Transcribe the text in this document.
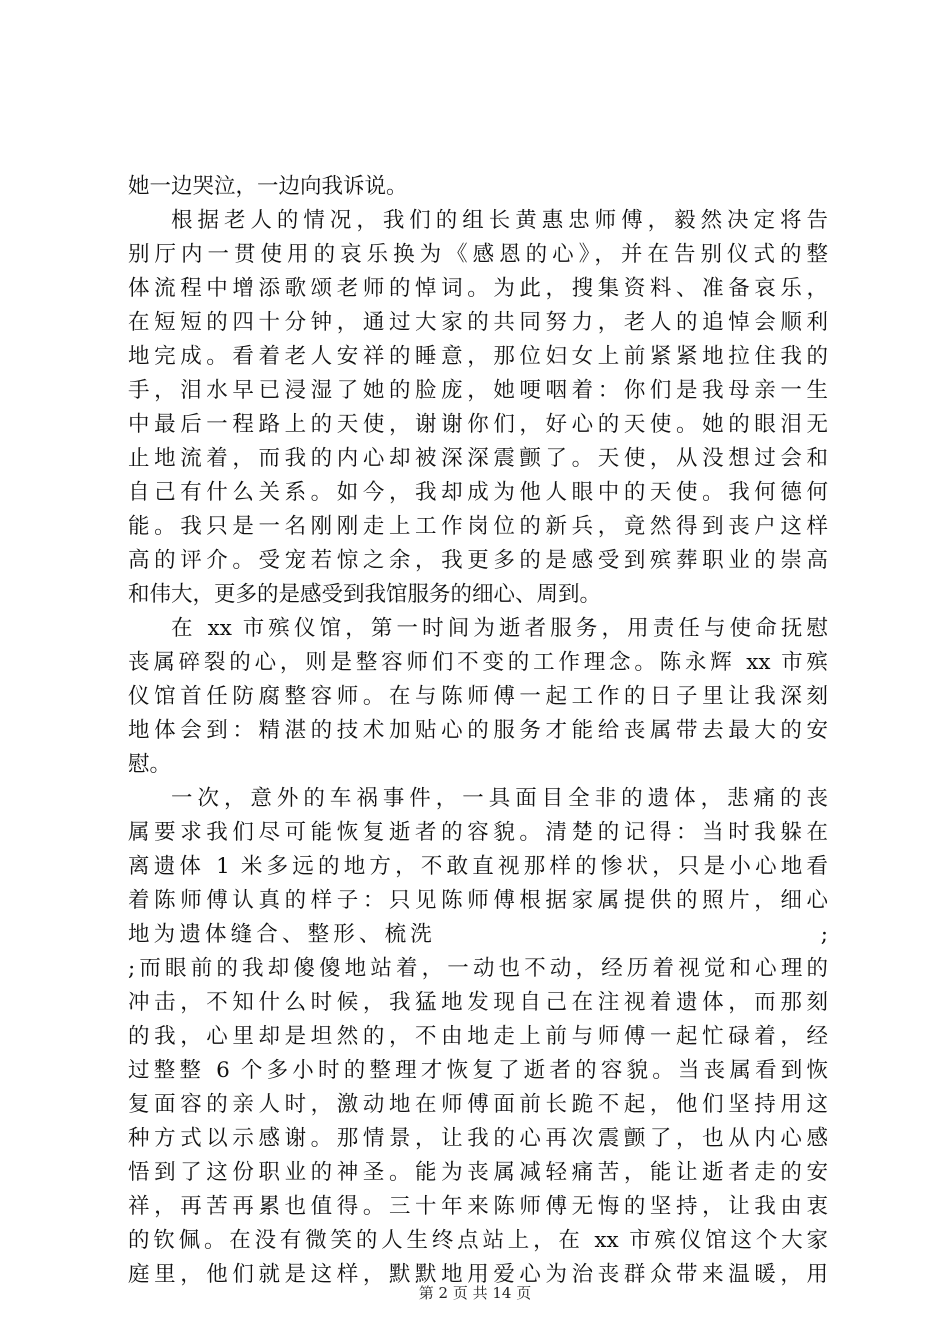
她一边哭泣，一边向我诉说。
根据老人的情况，我们的组长黄惠忠师傅，毅然决定将告
别厅内一贯使用的哀乐换为《感恩的心》，并在告别仪式的整
体流程中增添歌颂老师的悼词。为此，搜集资料、准备哀乐，
在短短的四十分钟，通过大家的共同努力，老人的追悼会顺利
地完成。看着老人安祥的睡意，那位妇女上前紧紧地拉住我的
手，泪水早已浸湿了她的脸庞，她哽咽着：你们是我母亲一生
中最后一程路上的天使，谢谢你们，好心的天使。她的眼泪无
止地流着，而我的内心却被深深震颤了。天使，从没想过会和
自己有什么关系。如今，我却成为他人眼中的天使。我何德何
能。我只是一名刚刚走上工作岗位的新兵，竟然得到丧户这样
高的评介。受宠若惊之余，我更多的是感受到殡葬职业的崇高
和伟大，更多的是感受到我馆服务的细心、周到。
在 xx 市殡仪馆，第一时间为逝者服务，用责任与使命抚慰
丧属碎裂的心，则是整容师们不变的工作理念。陈永辉 xx 市殡
仪馆首任防腐整容师。在与陈师傅一起工作的日子里让我深刻
地体会到：精湛的技术加贴心的服务才能给丧属带去最大的安
慰。
一次，意外的车祸事件，一具面目全非的遗体，悲痛的丧
属要求我们尽可能恢复逝者的容貌。清楚的记得：当时我躲在
离遗体 1 米多远的地方，不敢直视那样的惨状，只是小心地看
着陈师傅认真的样子：只见陈师傅根据家属提供的照片，细心
地为遗体缝合、整形、梳洗　　　　　　　　　　　　　　　;
;而眼前的我却傻傻地站着，一动也不动，经历着视觉和心理的
冲击，不知什么时候，我猛地发现自己在注视着遗体，而那刻
的我，心里却是坦然的，不由地走上前与师傅一起忙碌着，经
过整整 6 个多小时的整理才恢复了逝者的容貌。当丧属看到恢
复面容的亲人时，激动地在师傅面前长跪不起，他们坚持用这
种方式以示感谢。那情景，让我的心再次震颤了，也从内心感
悟到了这份职业的神圣。能为丧属减轻痛苦，能让逝者走的安
祥，再苦再累也值得。三十年来陈师傅无悔的坚持，让我由衷
的钦佩。在没有微笑的人生终点站上，在 xx 市殡仪馆这个大家
庭里，他们就是这样，默默地用爱心为治丧群众带来温暖，用
第 2 页 共 14 页
